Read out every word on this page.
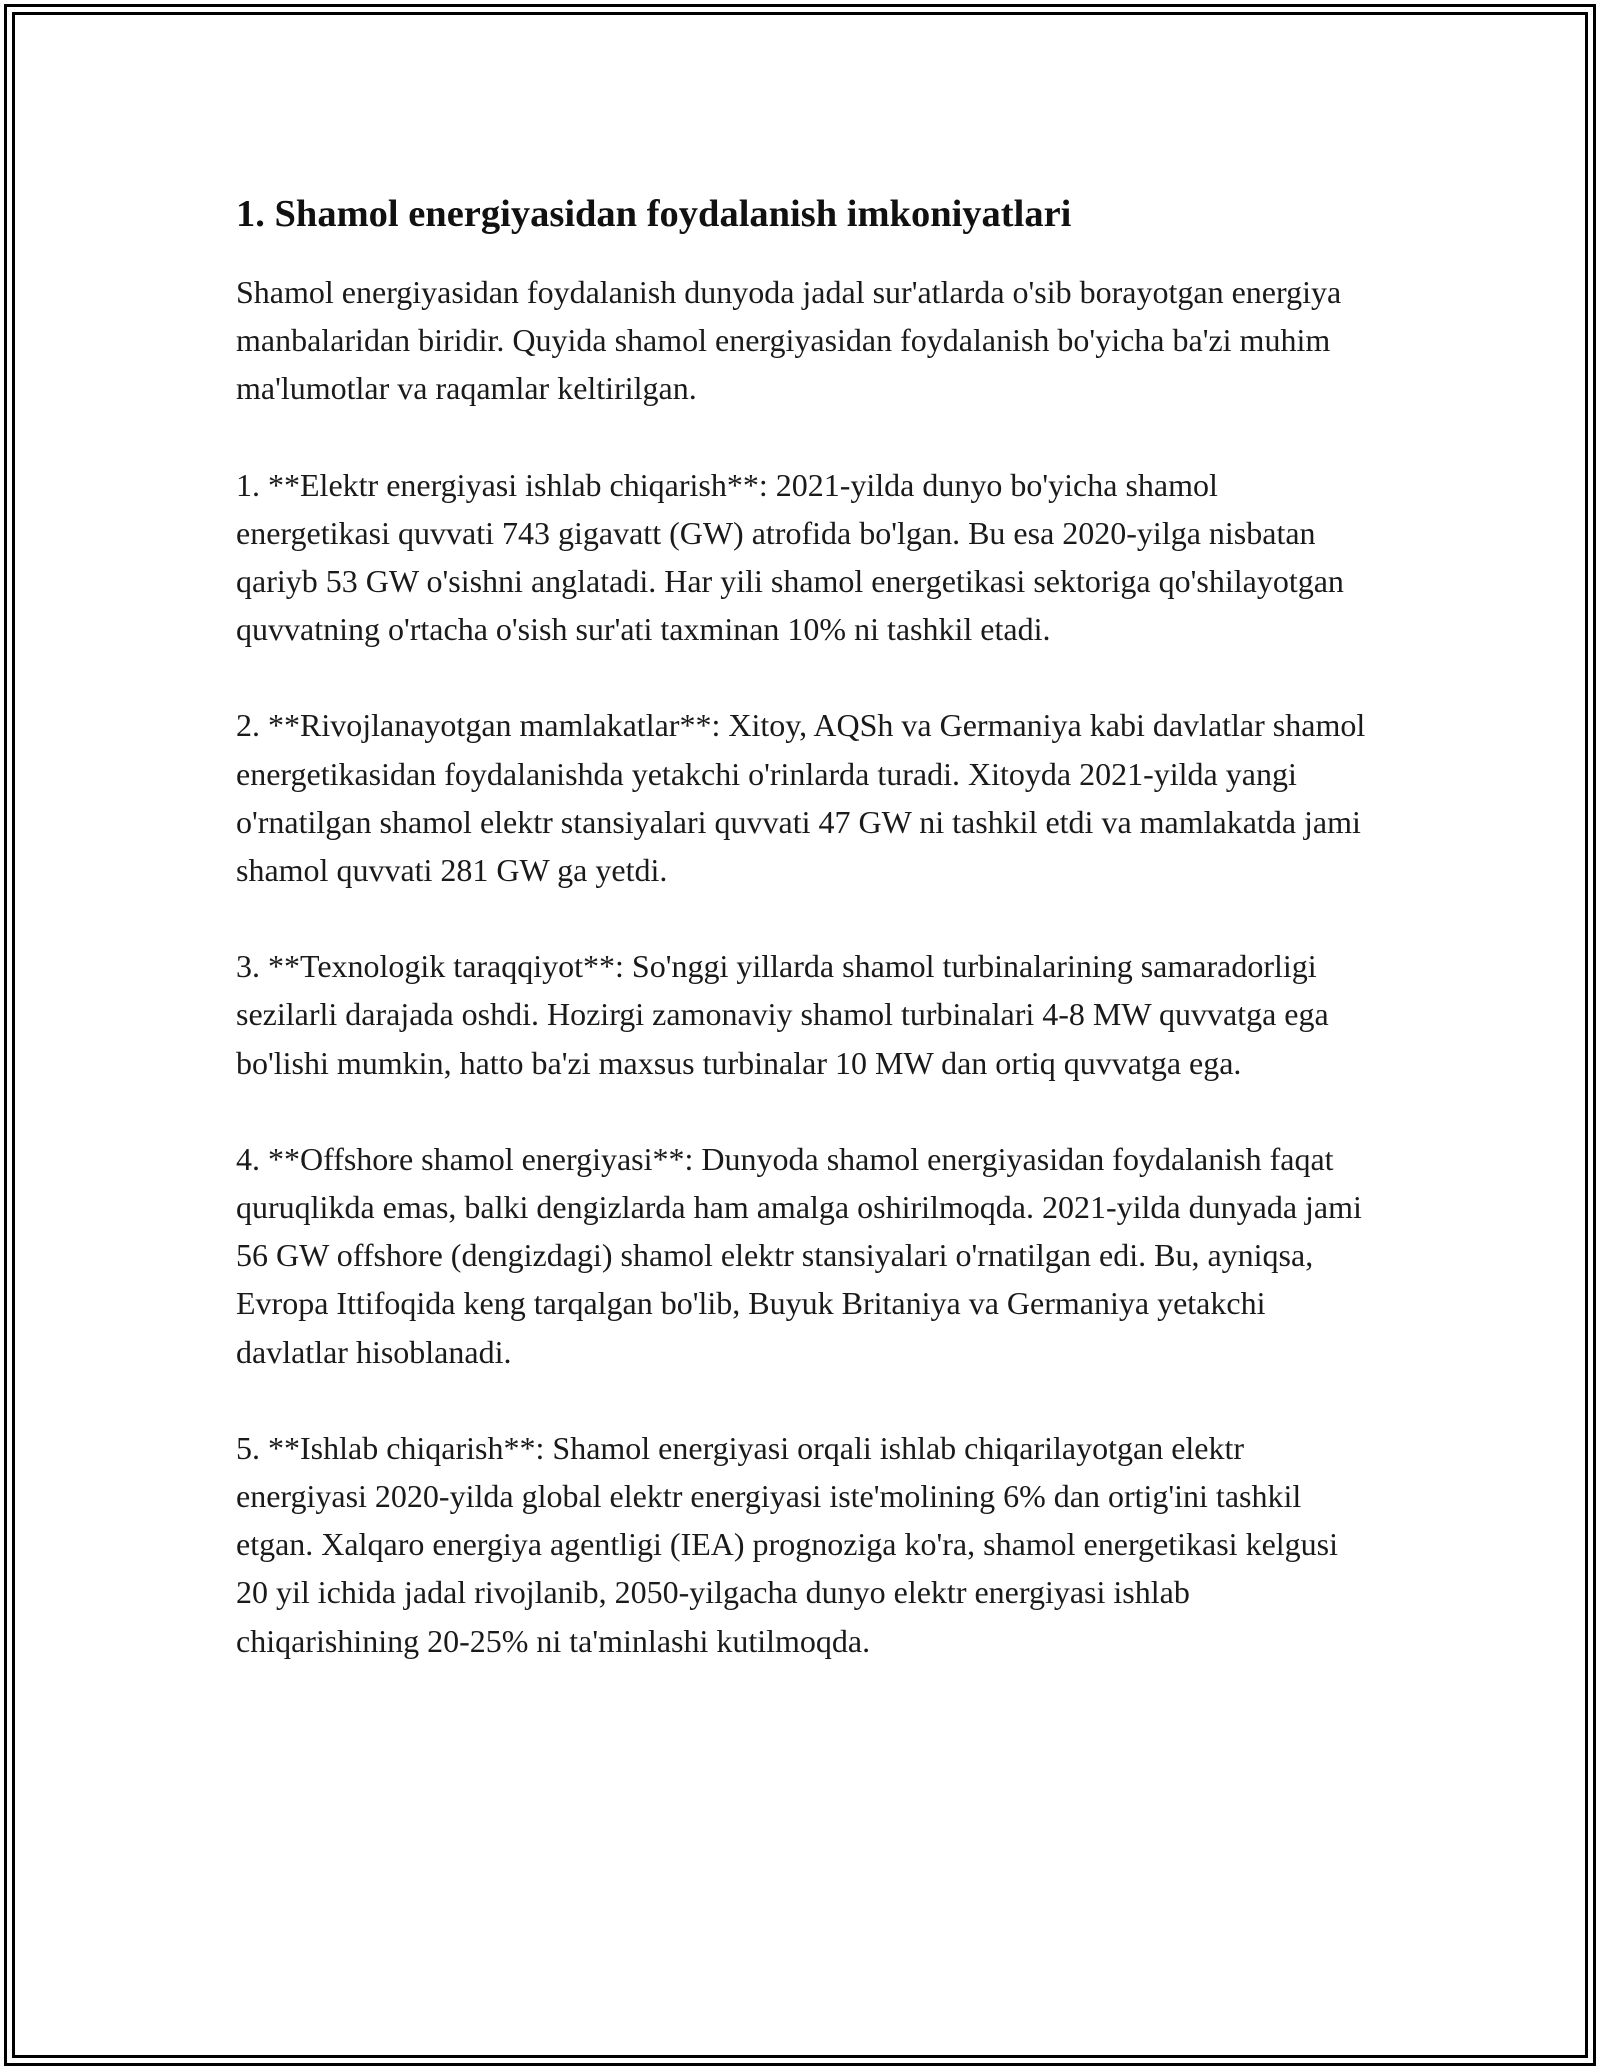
1. Shamol energiyasidan foydalanish imkoniyatlari

Shamol energiyasidan foydalanish dunyoda jadal sur'atlarda o'sib borayotgan energiya manbalaridan biridir. Quyida shamol energiyasidan foydalanish bo'yicha ba'zi muhim ma'lumotlar va raqamlar keltirilgan.

1. **Elektr energiyasi ishlab chiqarish**: 2021-yilda dunyo bo'yicha shamol energetikasi quvvati 743 gigavatt (GW) atrofida bo'lgan. Bu esa 2020-yilga nisbatan qariyb 53 GW o'sishni anglatadi. Har yili shamol energetikasi sektoriga qo'shilayotgan quvvatning o'rtacha o'sish sur'ati taxminan 10% ni tashkil etadi.

2. **Rivojlanayotgan mamlakatlar**: Xitoy, AQSh va Germaniya kabi davlatlar shamol energetikasidan foydalanishda yetakchi o'rinlarda turadi. Xitoyda 2021-yilda yangi o'rnatilgan shamol elektr stansiyalari quvvati 47 GW ni tashkil etdi va mamlakatda jami shamol quvvati 281 GW ga yetdi.

3. **Texnologik taraqqiyot**: So'nggi yillarda shamol turbinalarining samaradorligi sezilarli darajada oshdi. Hozirgi zamonaviy shamol turbinalari 4-8 MW quvvatga ega bo'lishi mumkin, hatto ba'zi maxsus turbinalar 10 MW dan ortiq quvvatga ega.

4. **Offshore shamol energiyasi**: Dunyoda shamol energiyasidan foydalanish faqat quruqlikda emas, balki dengizlarda ham amalga oshirilmoqda. 2021-yilda dunyada jami 56 GW offshore (dengizdagi) shamol elektr stansiyalari o'rnatilgan edi. Bu, ayniqsa, Evropa Ittifoqida keng tarqalgan bo'lib, Buyuk Britaniya va Germaniya yetakchi davlatlar hisoblanadi.

5. **Ishlab chiqarish**: Shamol energiyasi orqali ishlab chiqarilayotgan elektr energiyasi 2020-yilda global elektr energiyasi iste'molining 6% dan ortig'ini tashkil etgan. Xalqaro energiya agentligi (IEA) prognoziga ko'ra, shamol energetikasi kelgusi 20 yil ichida jadal rivojlanib, 2050-yilgacha dunyo elektr energiyasi ishlab chiqarishining 20-25% ni ta'minlashi kutilmoqda.
